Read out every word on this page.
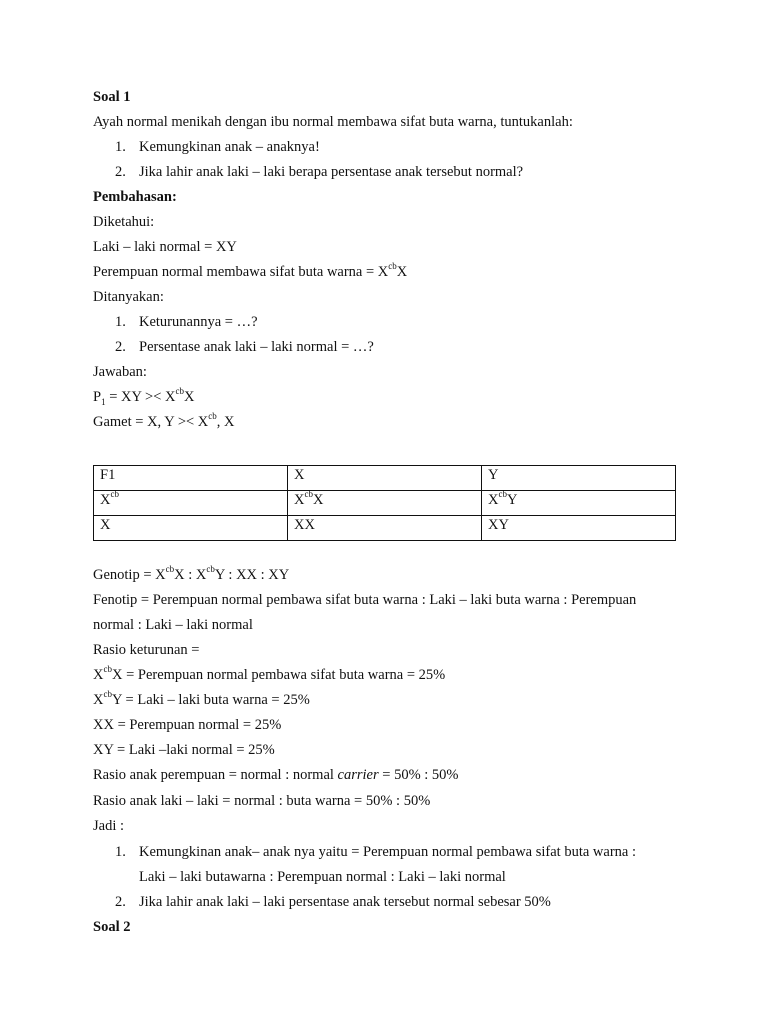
Soal 1
Ayah normal menikah dengan ibu normal membawa sifat buta warna, tuntukanlah:
1. Kemungkinan anak – anaknya!
2. Jika lahir anak laki – laki berapa persentase anak tersebut normal?
Pembahasan:
Diketahui:
Laki – laki normal = XY
Perempuan normal membawa sifat buta warna = $X^{cb}X$
Ditanyakan:
1. Keturunannya = …?
2. Persentase anak laki – laki normal = …?
Jawaban:
$P_1$ = XY >< $X^{cb}X$
Gamet = X, $Y >< X^{cb}$, X
F1	X	Y
$X^{cb}$	$X^{cb}X$	$X^{cb}Y$
X	XX	XY
Genotip = $X^{cb}X$ : $X^{cb}Y$ : XX : XY
Fenotip = Perempuan normal pembawa sifat buta warna : Laki – laki buta warna : Perempuan
normal : Laki – laki normal
Rasio keturunan =
$X^{cb}X$ = Perempuan normal pembawa sifat buta warna = 25%
$X^{cb}Y$ = Laki – laki buta warna = 25%
XX = Perempuan normal = 25%
XY = Laki –laki normal = 25%
Rasio anak perempuan = normal : normal carrier = 50% : 50%
Rasio anak laki – laki = normal : buta warna = 50% : 50%
Jadi :
1. Kemungkinan anak– anak nya yaitu = Perempuan normal pembawa sifat buta warna :
Laki – laki butawarna : Perempuan normal : Laki – laki normal
2. Jika lahir anak laki – laki persentase anak tersebut normal sebesar 50%
Soal 2
